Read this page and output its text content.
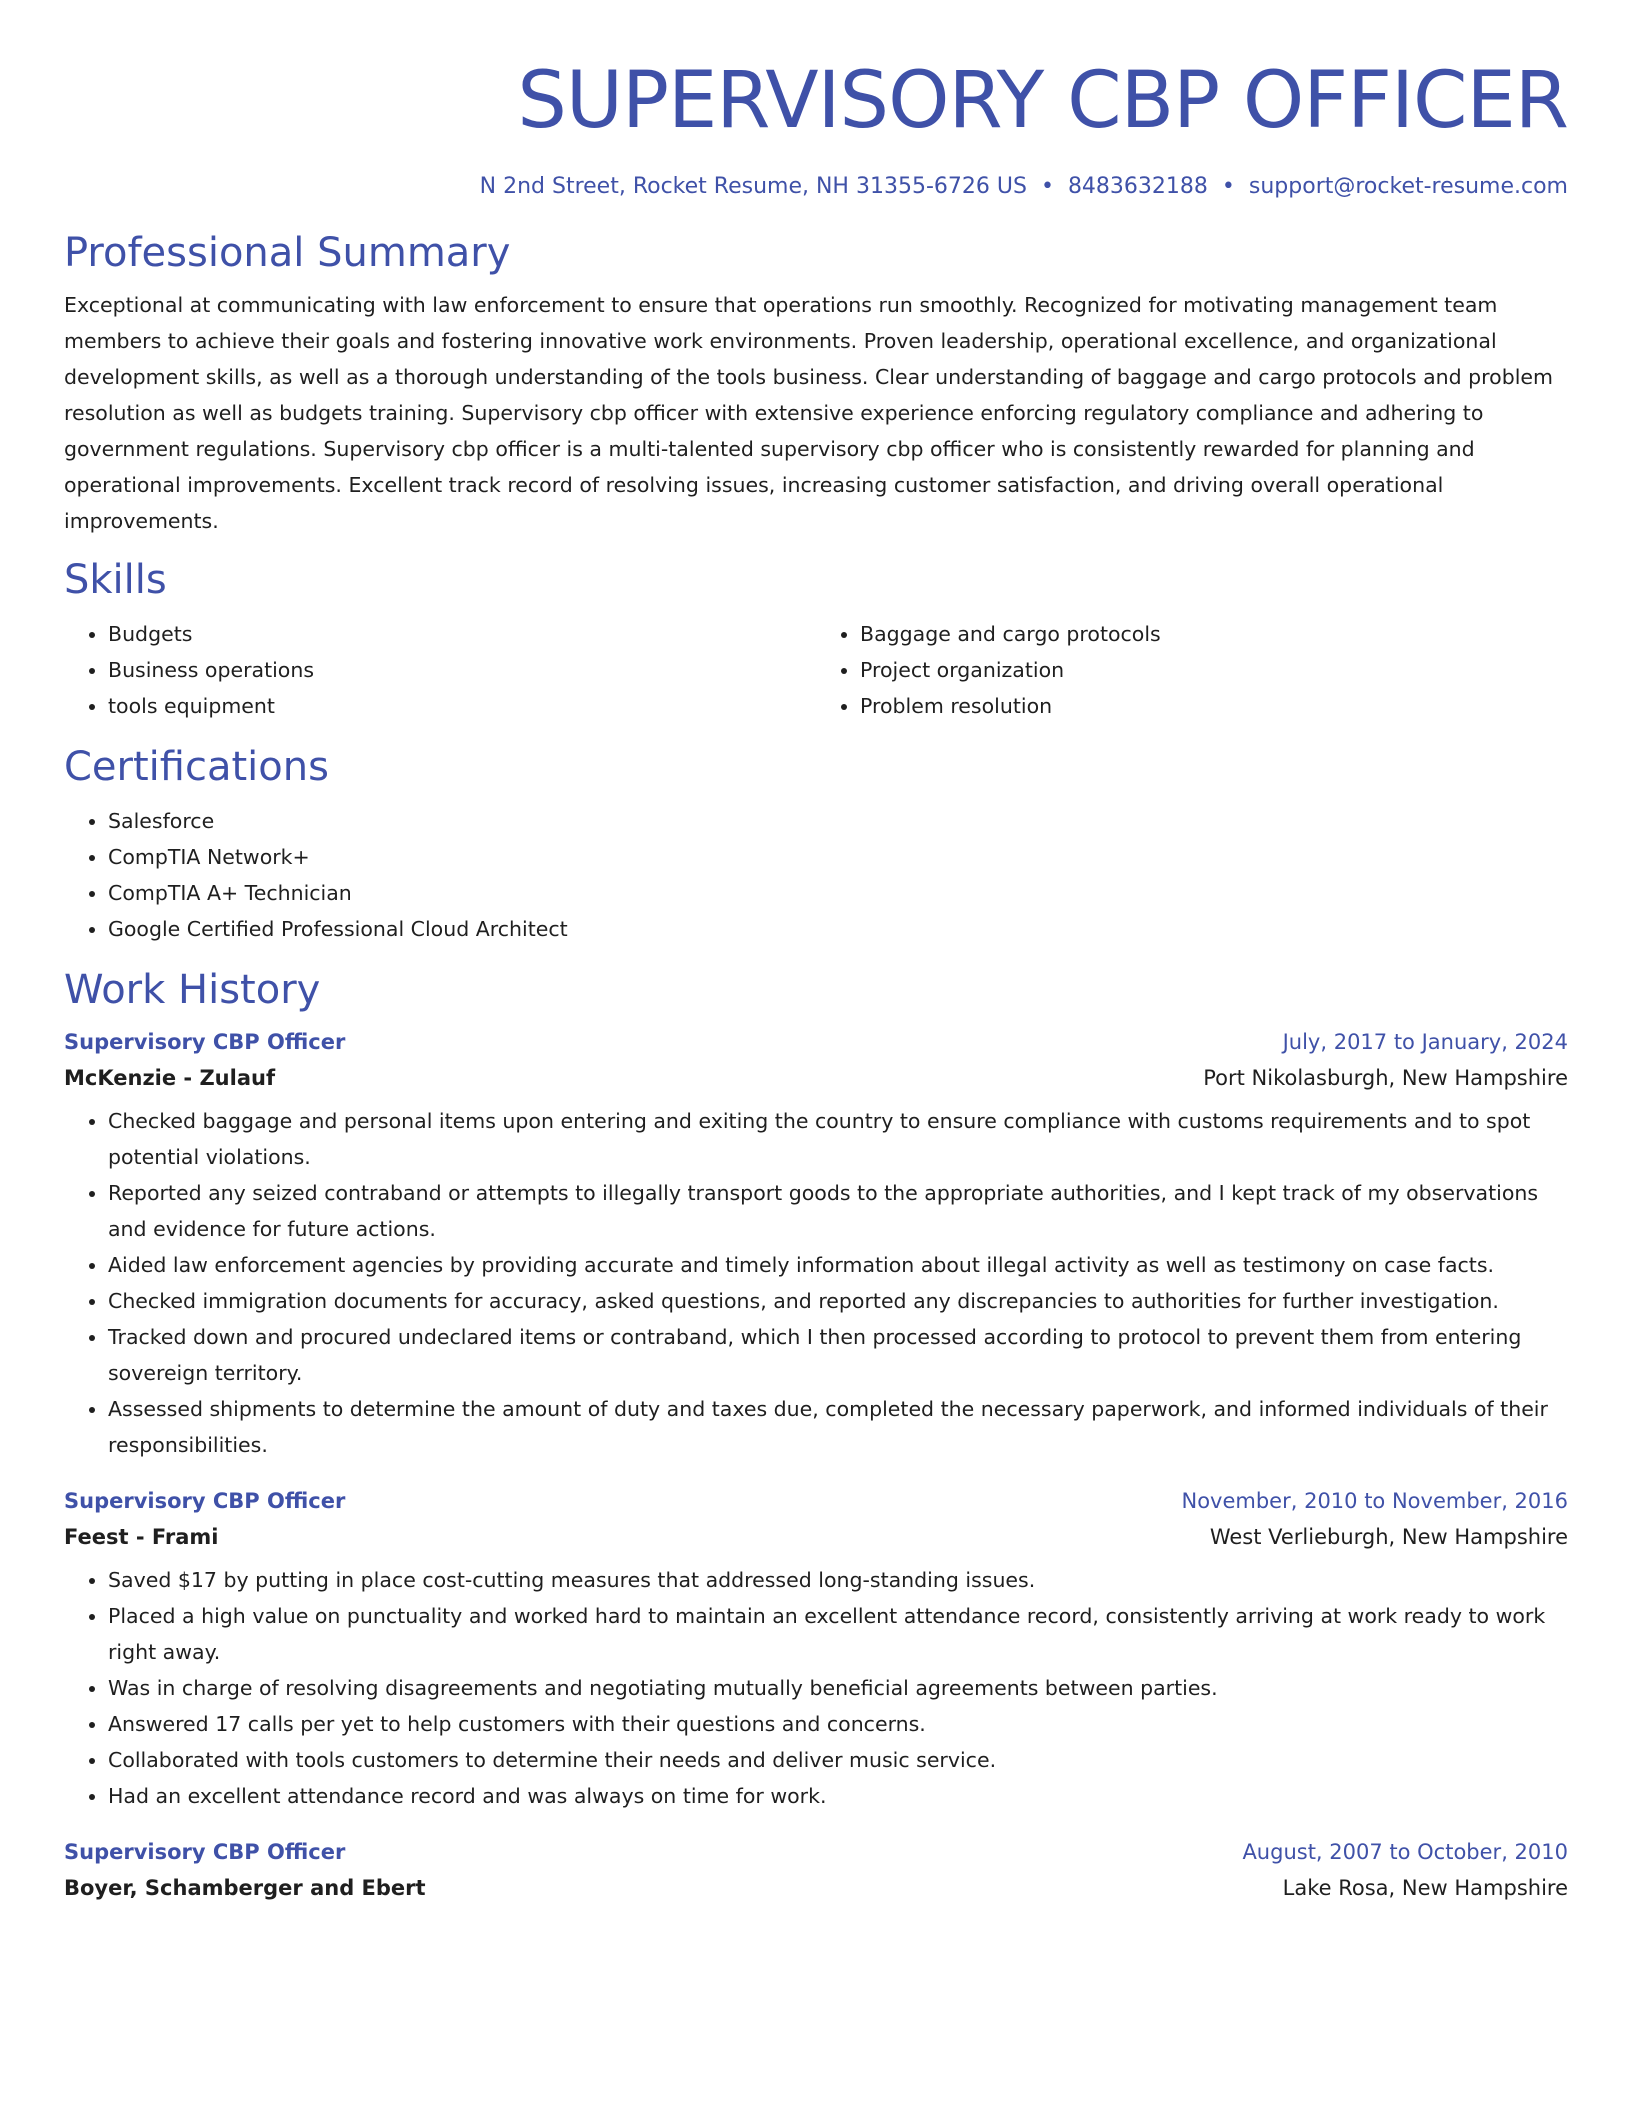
SUPERVISORY CBP OFFICER
N 2nd Street, Rocket Resume, NH 31355-6726 US • 8483632188 • support@rocket-resume.com
Professional Summary

Exceptional at communicating with law enforcement to ensure that operations run smoothly. Recognized for motivating management team members to achieve their goals and fostering innovative work environments. Proven leadership, operational excellence, and organizational development skills, as well as a thorough understanding of the tools business. Clear understanding of baggage and cargo protocols and problem resolution as well as budgets training. Supervisory cbp officer with extensive experience enforcing regulatory compliance and adhering to government regulations. Supervisory cbp officer is a multi-talented supervisory cbp officer who is consistently rewarded for planning and operational improvements. Excellent track record of resolving issues, increasing customer satisfaction, and driving overall operational improvements.

Skills
• Budgets
• Business operations
• tools equipment
• Baggage and cargo protocols
• Project organization
• Problem resolution
Certifications
• Salesforce
• CompTIA Network+
• CompTIA A+ Technician
• Google Certified Professional Cloud Architect
Work History
Supervisory CBP Officer	July, 2017 to January, 2024
McKenzie - Zulauf	Port Nikolasburgh, New Hampshire
• Checked baggage and personal items upon entering and exiting the country to ensure compliance with customs requirements and to spot potential violations.
• Reported any seized contraband or attempts to illegally transport goods to the appropriate authorities, and I kept track of my observations and evidence for future actions.
• Aided law enforcement agencies by providing accurate and timely information about illegal activity as well as testimony on case facts.
• Checked immigration documents for accuracy, asked questions, and reported any discrepancies to authorities for further investigation.
• Tracked down and procured undeclared items or contraband, which I then processed according to protocol to prevent them from entering sovereign territory.
• Assessed shipments to determine the amount of duty and taxes due, completed the necessary paperwork, and informed individuals of their responsibilities.
Supervisory CBP Officer	November, 2010 to November, 2016
Feest - Frami	West Verlieburgh, New Hampshire
• Saved $17 by putting in place cost-cutting measures that addressed long-standing issues.
• Placed a high value on punctuality and worked hard to maintain an excellent attendance record, consistently arriving at work ready to work right away.
• Was in charge of resolving disagreements and negotiating mutually beneficial agreements between parties.
• Answered 17 calls per yet to help customers with their questions and concerns.
• Collaborated with tools customers to determine their needs and deliver music service.
• Had an excellent attendance record and was always on time for work.
Supervisory CBP Officer	August, 2007 to October, 2010
Boyer, Schamberger and Ebert	Lake Rosa, New Hampshire
